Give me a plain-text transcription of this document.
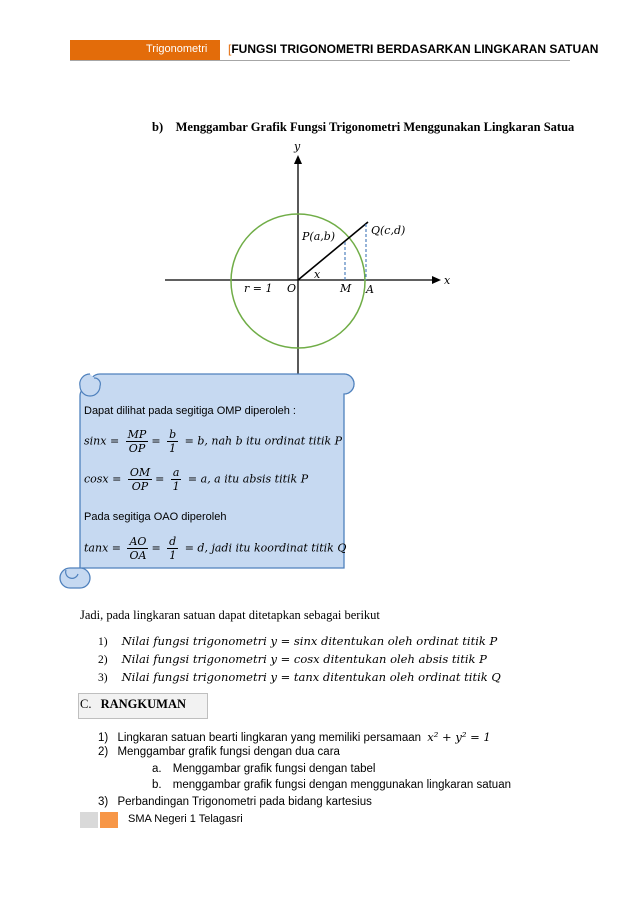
Trigonometri [FUNGSI TRIGONOMETRI BERDASARKAN LINGKARAN SATUAN
b)    Menggambar Grafik Fungsi Trigonometri Menggunakan Lingkaran Satua
y
x
P(a,b)	Q(c,d)
x
r = 1 O	M A
Dapat dilihat pada segitiga OMP diperoleh :
$\sin x = \frac{MP}{OP} = \frac{b}{1} = b$, nah b itu ordinat titik P
$\cos x = \frac{OM}{OP} = \frac{a}{1} = a$, a itu absis titik P
Pada segitiga OAO diperoleh
$\tan x = \frac{AO}{OA} = \frac{d}{1} = d$, jadi itu koordinat titik Q
Jadi, pada lingkaran satuan dapat ditetapkan sebagai berikut
1) Nilai fungsi trigonometri y = sinx ditentukan oleh ordinat titik P
2) Nilai fungsi trigonometri y = cosx ditentukan oleh absis titik P
3) Nilai fungsi trigonometri y = tanx ditentukan oleh ordinat titik Q
C. RANGKUMAN
1) Lingkaran satuan bearti lingkaran yang memiliki persamaan x² + y² = 1
2) Menggambar grafik fungsi dengan dua cara
a. Menggambar grafik fungsi dengan tabel
b. menggambar grafik fungsi dengan menggunakan lingkaran satuan
3) Perbandingan Trigonometri pada bidang kartesius
SMA Negeri 1 Telagasri
